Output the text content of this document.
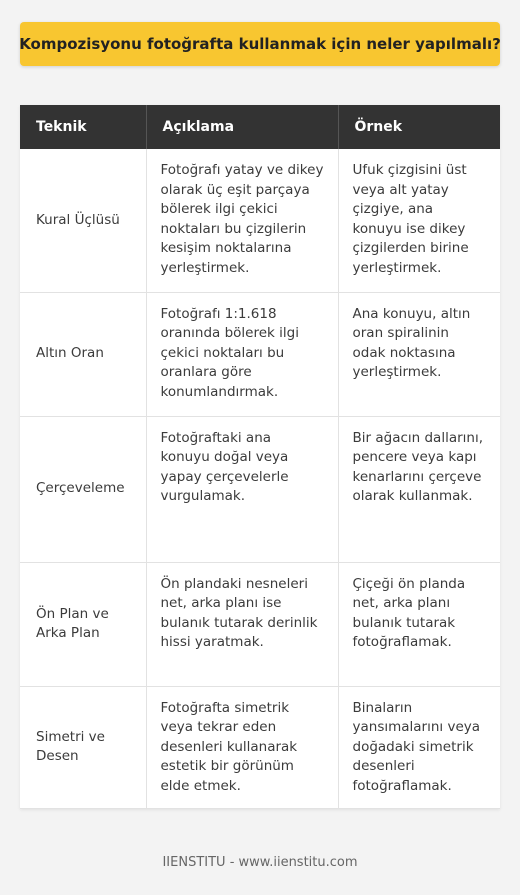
Kompozisyonu fotoğrafta kullanmak için neler yapılmalı?
Teknik	Açıklama	Örnek
Kural Üçlüsü	Fotoğrafı yatay ve dikey olarak üç eşit parçaya bölerek ilgi çekici noktaları bu çizgilerin kesişim noktalarına yerleştirmek.	Ufuk çizgisini üst veya alt yatay çizgiye, ana konuyu ise dikey çizgilerden birine yerleştirmek.
Altın Oran	Fotoğrafı 1:1.618 oranında bölerek ilgi çekici noktaları bu oranlara göre konumlandırmak.	Ana konuyu, altın oran spiralinin odak noktasına yerleştirmek.
Çerçeveleme	Fotoğraftaki ana konuyu doğal veya yapay çerçevelerle vurgulamak.	Bir ağacın dallarını, pencere veya kapı kenarlarını çerçeve olarak kullanmak.
Ön Plan ve Arka Plan	Ön plandaki nesneleri net, arka planı ise bulanık tutarak derinlik hissi yaratmak.	Çiçeği ön planda net, arka planı bulanık tutarak fotoğraflamak.
Simetri ve Desen	Fotoğrafta simetrik veya tekrar eden desenleri kullanarak estetik bir görünüm elde etmek.	Binaların yansımalarını veya doğadaki simetrik desenleri fotoğraflamak.
IIENSTITU - www.iienstitu.com
